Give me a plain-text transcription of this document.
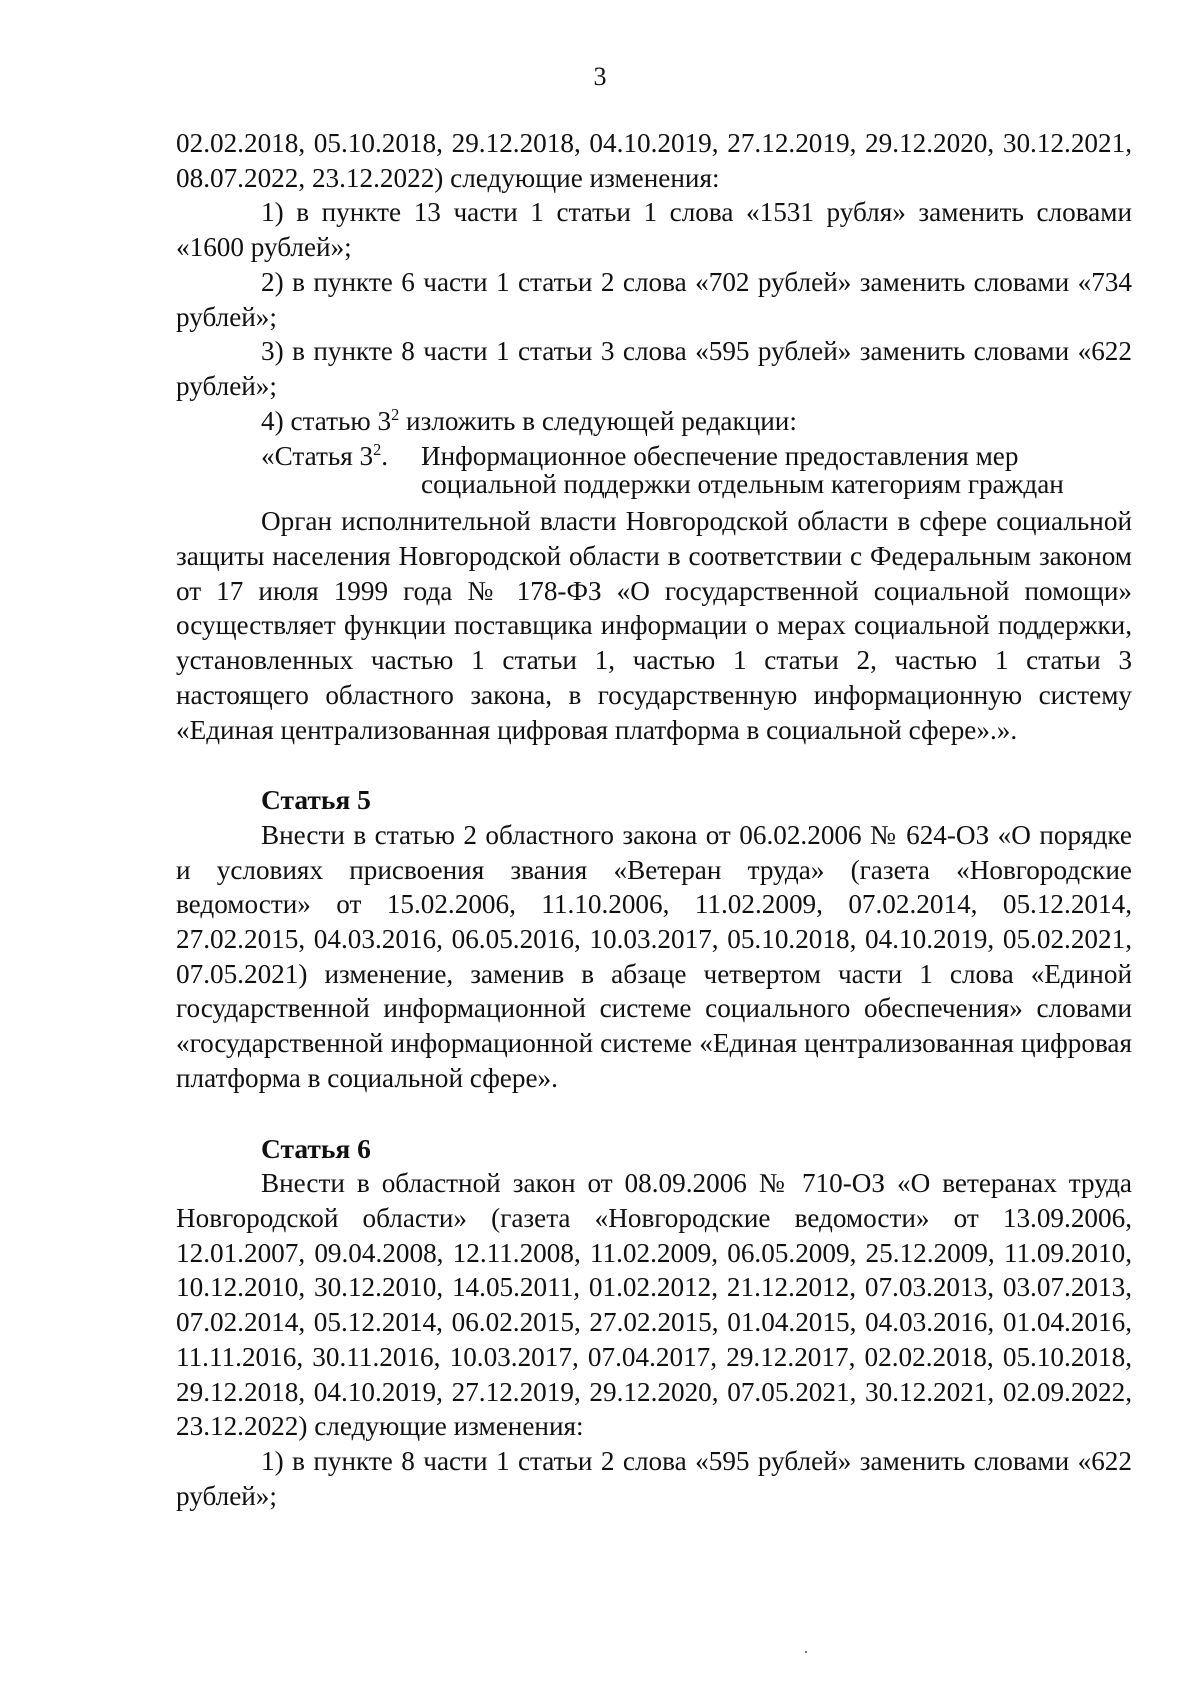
3

02.02.2018, 05.10.2018, 29.12.2018, 04.10.2019, 27.12.2019, 29.12.2020, 30.12.2021, 08.07.2022, 23.12.2022) следующие изменения:

1) в пункте 13 части 1 статьи 1 слова «1531 рубля» заменить словами «1600 рублей»;

2) в пункте 6 части 1 статьи 2 слова «702 рублей» заменить словами «734 рублей»;

3) в пункте 8 части 1 статьи 3 слова «595 рублей» заменить словами «622 рублей»;

4) статью $3^2$ изложить в следующей редакции:

«Статья $3^2$.	Информационное обеспечение предоставления мер социальной поддержки отдельным категориям граждан

Орган исполнительной власти Новгородской области в сфере социальной защиты населения Новгородской области в соответствии с Федеральным законом от 17 июля 1999 года № 178-ФЗ «О государственной социальной помощи» осуществляет функции поставщика информации о мерах социальной поддержки, установленных частью 1 статьи 1, частью 1 статьи 2, частью 1 статьи 3 настоящего областного закона, в государственную информационную систему «Единая централизованная цифровая платформа в социальной сфере».».

Статья 5

Внести в статью 2 областного закона от 06.02.2006 № 624-ОЗ «О порядке и условиях присвоения звания «Ветеран труда» (газета «Новгородские ведомости» от 15.02.2006, 11.10.2006, 11.02.2009, 07.02.2014, 05.12.2014, 27.02.2015, 04.03.2016, 06.05.2016, 10.03.2017, 05.10.2018, 04.10.2019, 05.02.2021, 07.05.2021) изменение, заменив в абзаце четвертом части 1 слова «Единой государственной информационной системе социального обеспечения» словами «государственной информационной системе «Единая централизованная цифровая платформа в социальной сфере».

Статья 6

Внести в областной закон от 08.09.2006 № 710-ОЗ «О ветеранах труда Новгородской области» (газета «Новгородские ведомости» от 13.09.2006, 12.01.2007, 09.04.2008, 12.11.2008, 11.02.2009, 06.05.2009, 25.12.2009, 11.09.2010, 10.12.2010, 30.12.2010, 14.05.2011, 01.02.2012, 21.12.2012, 07.03.2013, 03.07.2013, 07.02.2014, 05.12.2014, 06.02.2015, 27.02.2015, 01.04.2015, 04.03.2016, 01.04.2016, 11.11.2016, 30.11.2016, 10.03.2017, 07.04.2017, 29.12.2017, 02.02.2018, 05.10.2018, 29.12.2018, 04.10.2019, 27.12.2019, 29.12.2020, 07.05.2021, 30.12.2021, 02.09.2022, 23.12.2022) следующие изменения:

1) в пункте 8 части 1 статьи 2 слова «595 рублей» заменить словами «622 рублей»;
